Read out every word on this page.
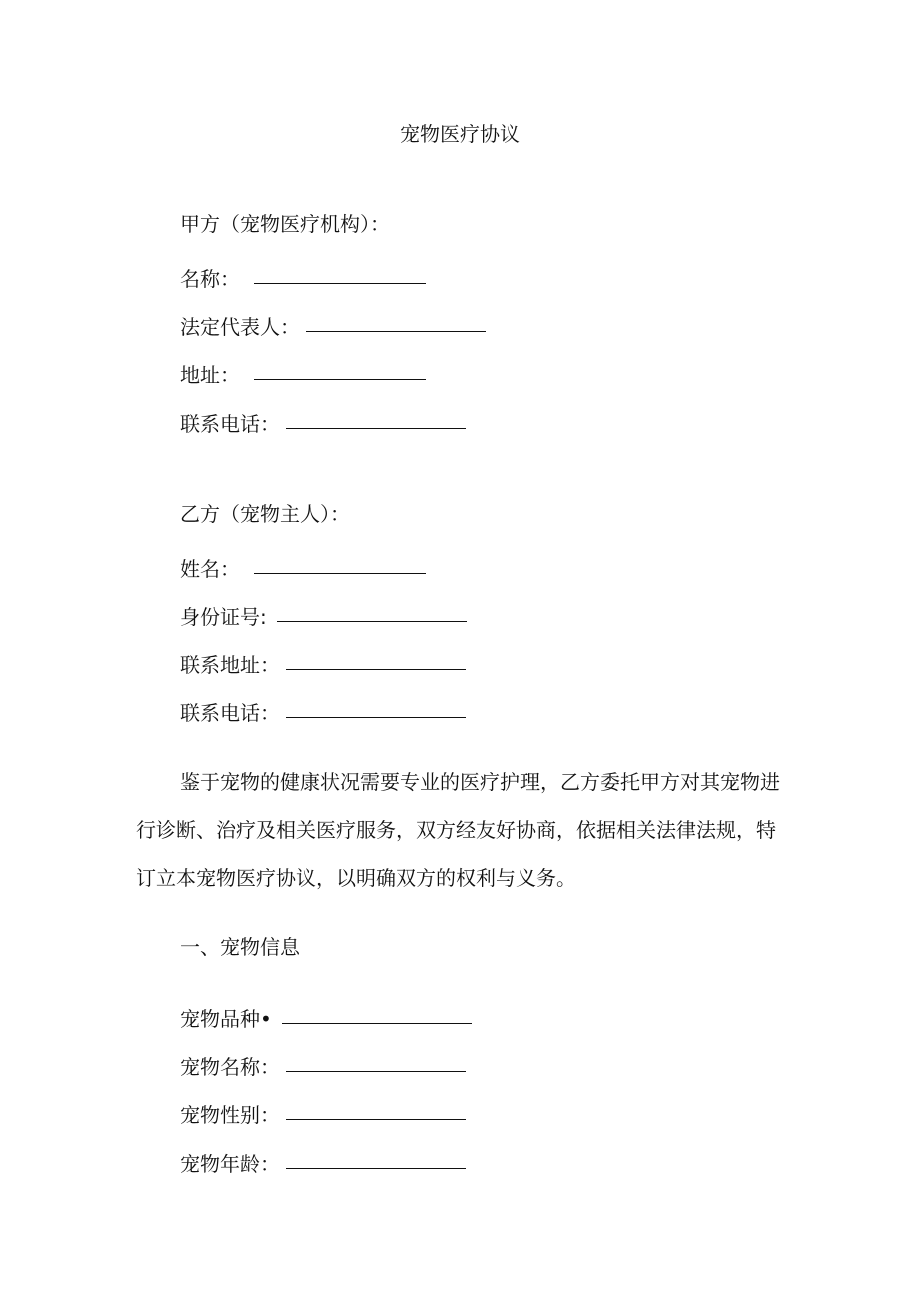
宠物医疗协议
甲方（宠物医疗机构）：
名称：
法定代表人：
地址：
联系电话：
乙方（宠物主人）：
姓名：
身份证号:
联系地址：
联系电话：
鉴于宠物的健康状况需要专业的医疗护理，乙方委托甲方对其宠物进
行诊断、治疗及相关医疗服务，双方经友好协商，依据相关法律法规，特
订立本宠物医疗协议，以明确双方的权利与义务。
一、宠物信息
宠物品种•
宠物名称：
宠物性别：
宠物年龄：
